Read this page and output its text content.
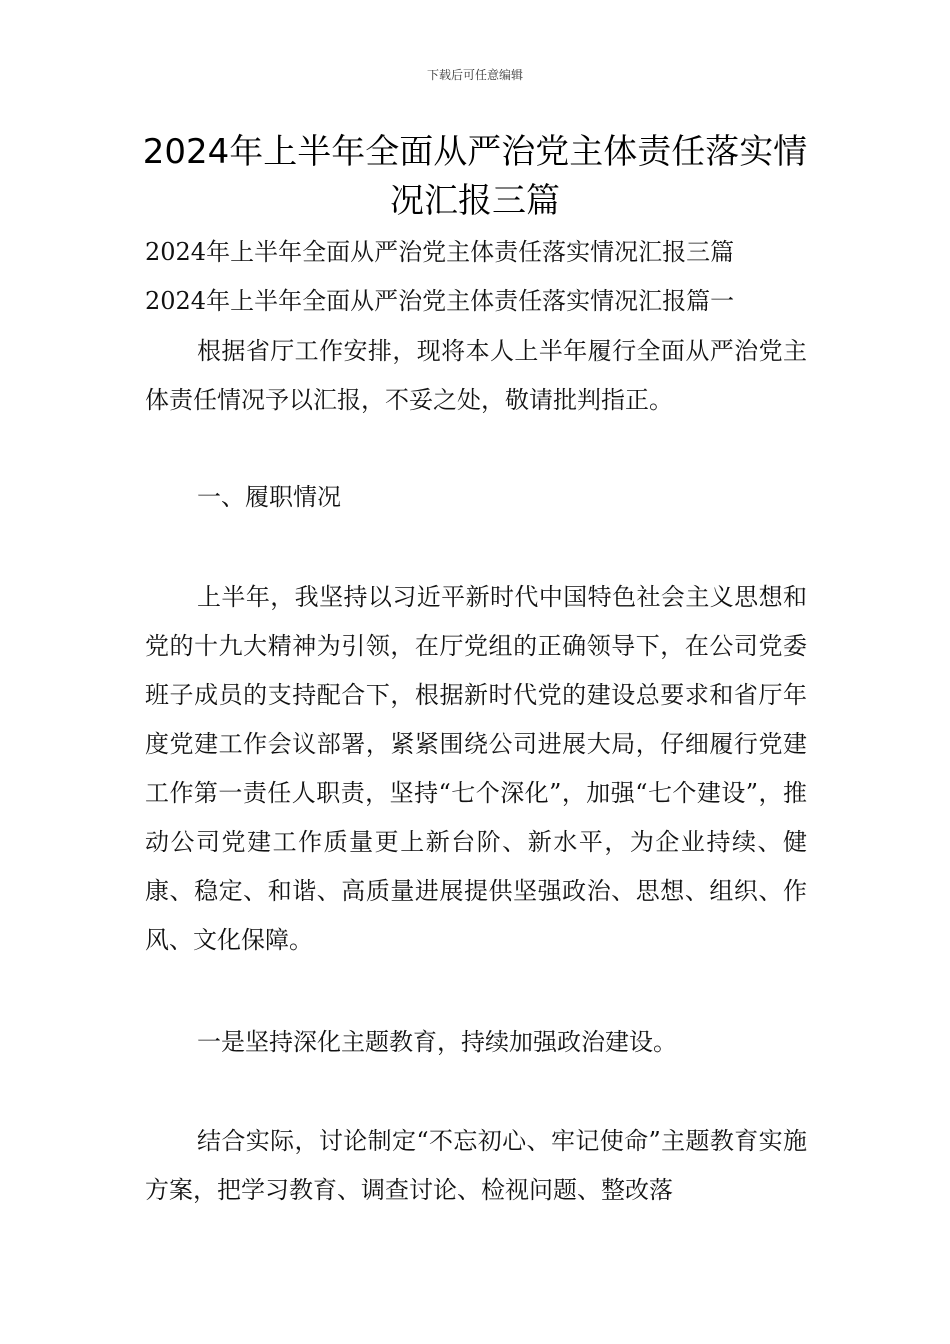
下载后可任意编辑
2024年上半年全面从严治党主体责任落实情况汇报三篇

2024年上半年全面从严治党主体责任落实情况汇报三篇

2024年上半年全面从严治党主体责任落实情况汇报篇一

根据省厅工作安排，现将本人上半年履行全面从严治党主体责任情况予以汇报，不妥之处，敬请批判指正。

一、履职情况

上半年，我坚持以习近平新时代中国特色社会主义思想和党的十九大精神为引领，在厅党组的正确领导下，在公司党委班子成员的支持配合下，根据新时代党的建设总要求和省厅年度党建工作会议部署，紧紧围绕公司进展大局，仔细履行党建工作第一责任人职责，坚持“七个深化”，加强“七个建设”，推动公司党建工作质量更上新台阶、新水平，为企业持续、健康、稳定、和谐、高质量进展提供坚强政治、思想、组织、作风、文化保障。

一是坚持深化主题教育，持续加强政治建设。

结合实际，讨论制定“不忘初心、牢记使命”主题教育实施方案，把学习教育、调查讨论、检视问题、整改落
